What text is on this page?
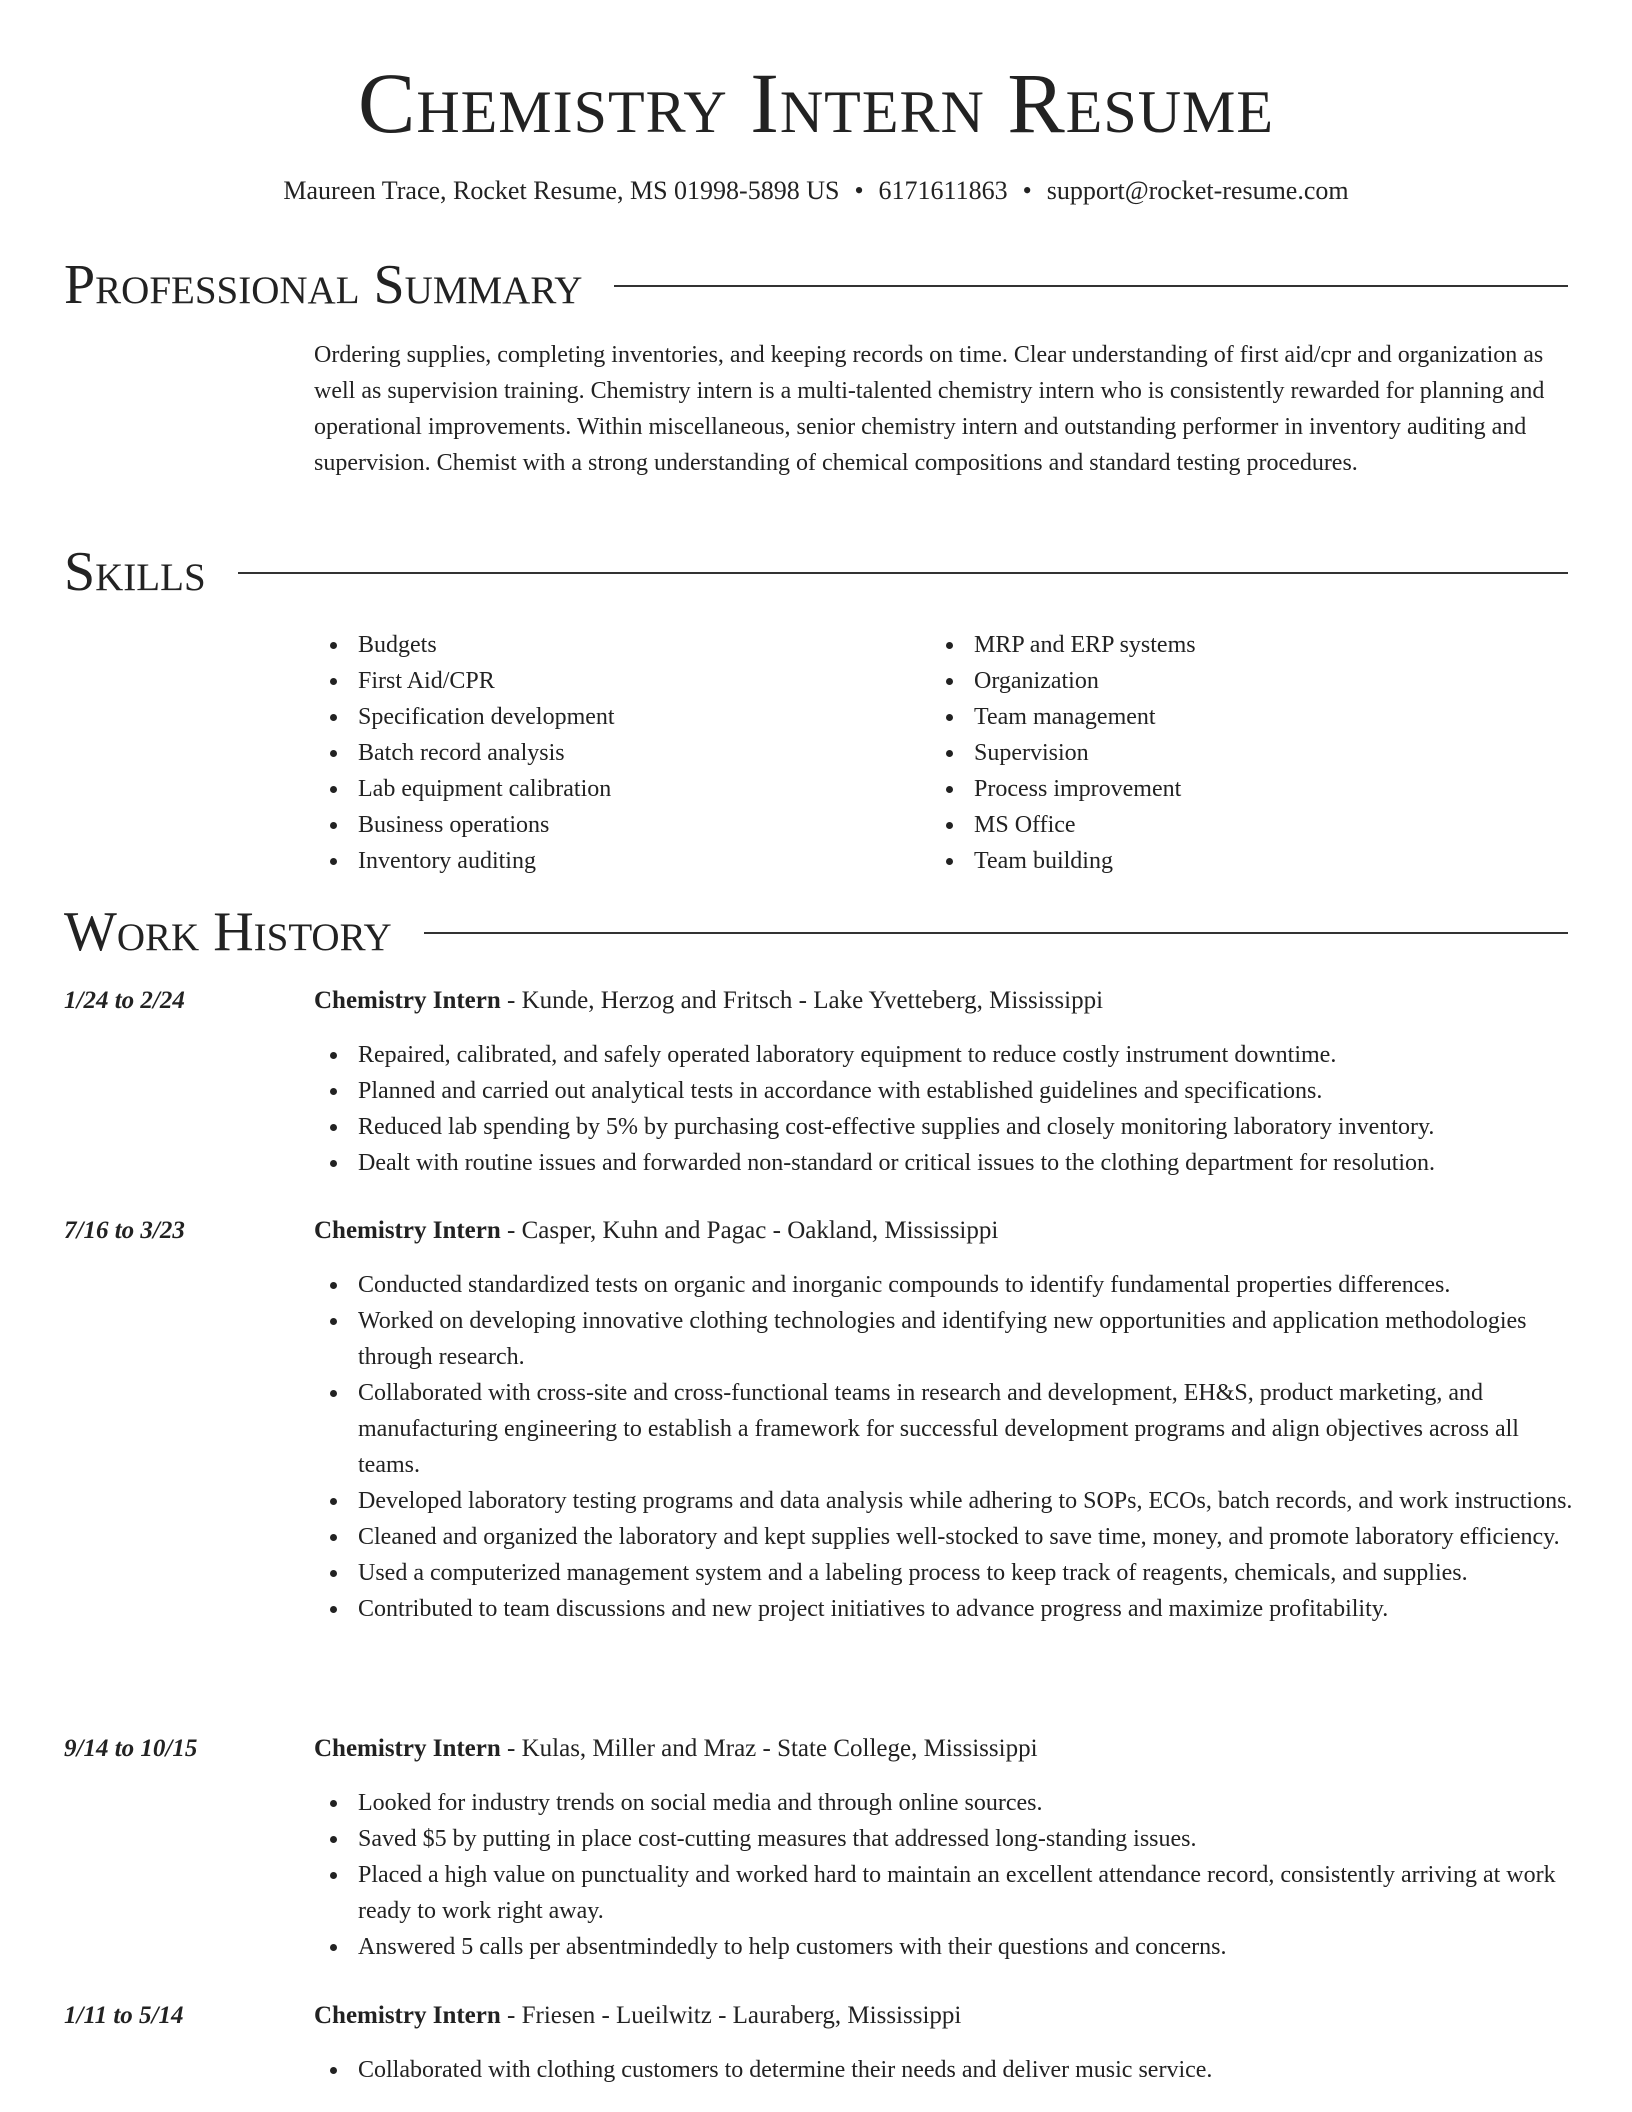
Chemistry Intern Resume
Maureen Trace, Rocket Resume, MS 01998-5898 US • 6171611863 • support@rocket-resume.com
Professional Summary

Ordering supplies, completing inventories, and keeping records on time. Clear understanding of first aid/cpr and organization as well as supervision training. Chemistry intern is a multi-talented chemistry intern who is consistently rewarded for planning and operational improvements. Within miscellaneous, senior chemistry intern and outstanding performer in inventory auditing and supervision. Chemist with a strong understanding of chemical compositions and standard testing procedures.

Skills
Budgets
First Aid/CPR
Specification development
Batch record analysis
Lab equipment calibration
Business operations
Inventory auditing
MRP and ERP systems
Organization
Team management
Supervision
Process improvement
MS Office
Team building
Work History
1/24 to 2/24	Chemistry Intern - Kunde, Herzog and Fritsch - Lake Yvetteberg, Mississippi
Repaired, calibrated, and safely operated laboratory equipment to reduce costly instrument downtime.
Planned and carried out analytical tests in accordance with established guidelines and specifications.
Reduced lab spending by 5% by purchasing cost-effective supplies and closely monitoring laboratory inventory.
Dealt with routine issues and forwarded non-standard or critical issues to the clothing department for resolution.
7/16 to 3/23	Chemistry Intern - Casper, Kuhn and Pagac - Oakland, Mississippi
Conducted standardized tests on organic and inorganic compounds to identify fundamental properties differences.
Worked on developing innovative clothing technologies and identifying new opportunities and application methodologies through research.
Collaborated with cross-site and cross-functional teams in research and development, EH&S, product marketing, and manufacturing engineering to establish a framework for successful development programs and align objectives across all teams.
Developed laboratory testing programs and data analysis while adhering to SOPs, ECOs, batch records, and work instructions.
Cleaned and organized the laboratory and kept supplies well-stocked to save time, money, and promote laboratory efficiency.
Used a computerized management system and a labeling process to keep track of reagents, chemicals, and supplies.
Contributed to team discussions and new project initiatives to advance progress and maximize profitability.
9/14 to 10/15	Chemistry Intern - Kulas, Miller and Mraz - State College, Mississippi
Looked for industry trends on social media and through online sources.
Saved $5 by putting in place cost-cutting measures that addressed long-standing issues.
Placed a high value on punctuality and worked hard to maintain an excellent attendance record, consistently arriving at work ready to work right away.
Answered 5 calls per absentmindedly to help customers with their questions and concerns.
1/11 to 5/14	Chemistry Intern - Friesen - Lueilwitz - Lauraberg, Mississippi
Collaborated with clothing customers to determine their needs and deliver music service.
